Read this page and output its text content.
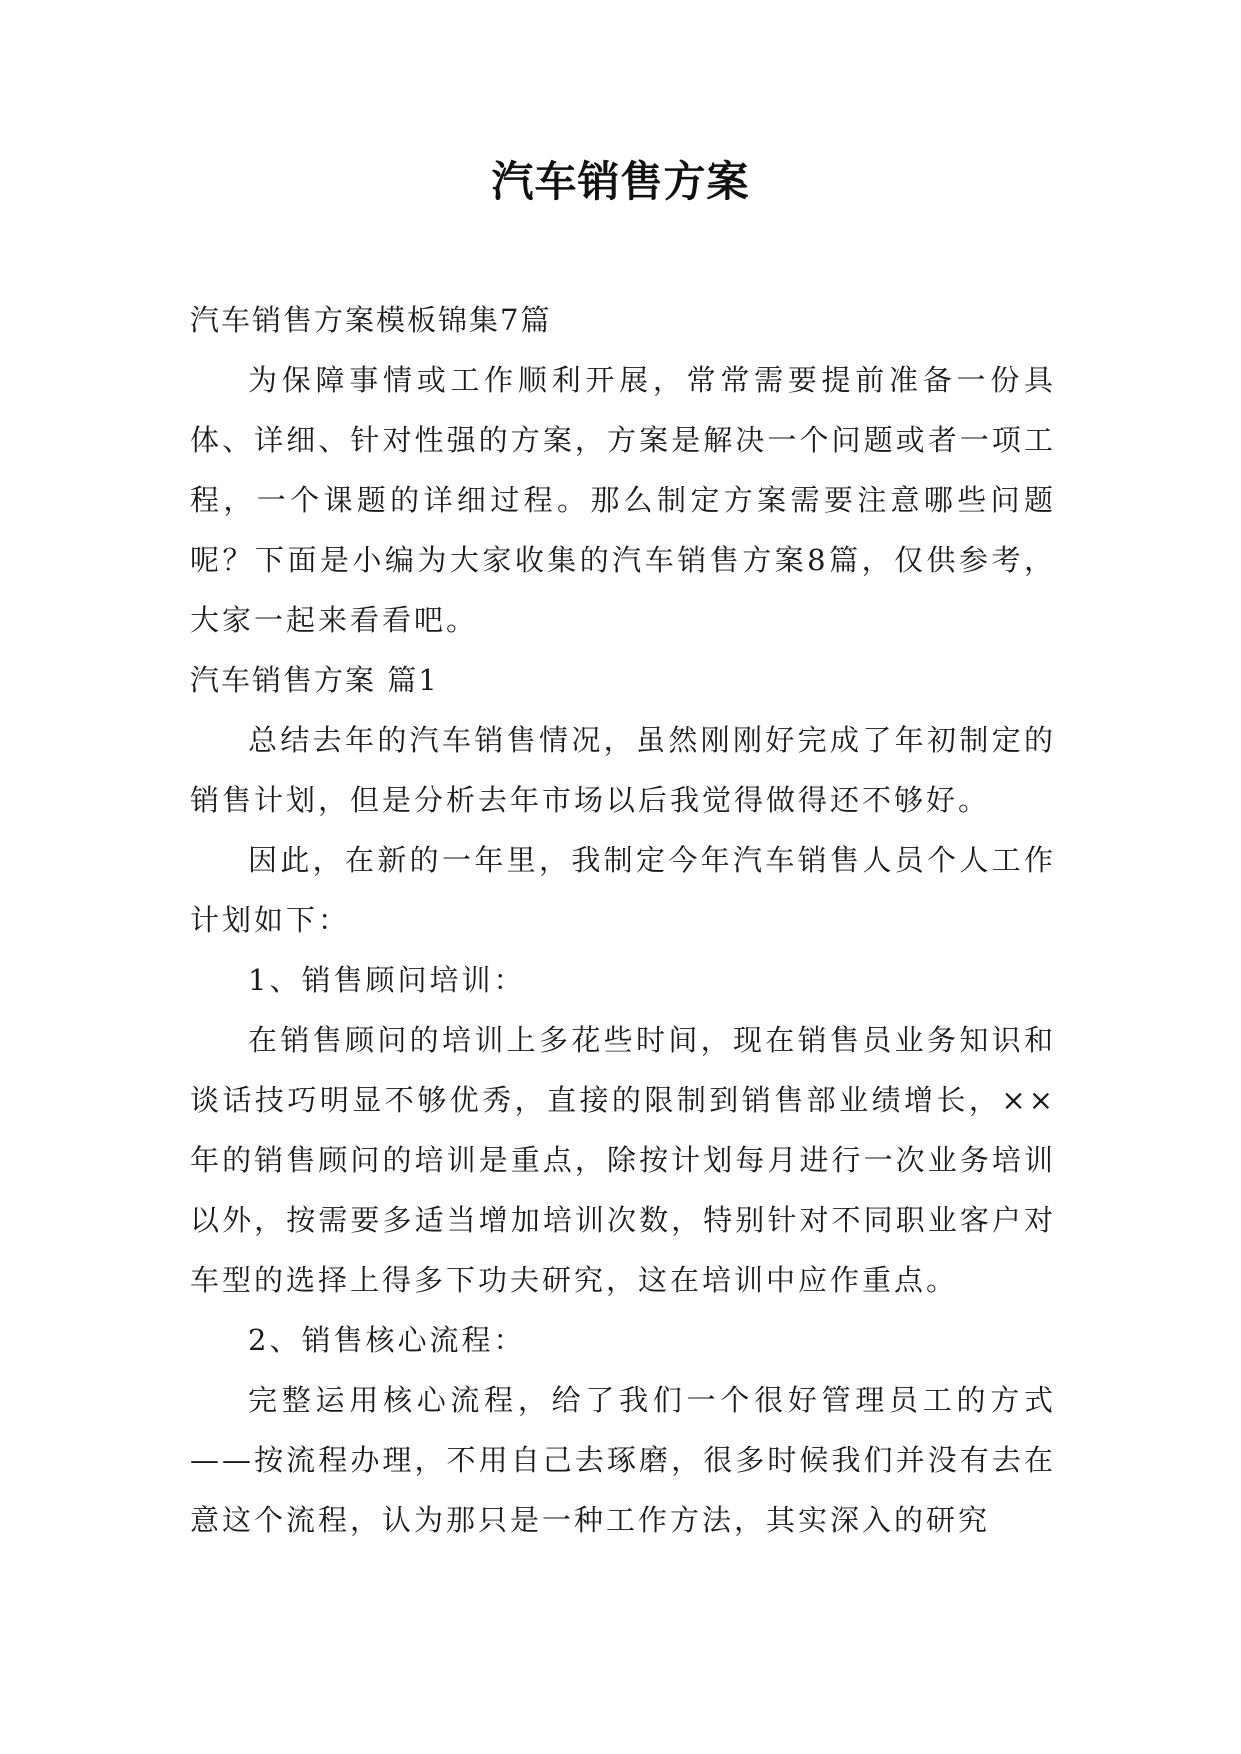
汽车销售方案

汽车销售方案模板锦集7篇

为保障事情或工作顺利开展，常常需要提前准备一份具体、详细、针对性强的方案，方案是解决一个问题或者一项工程，一个课题的详细过程。那么制定方案需要注意哪些问题呢？下面是小编为大家收集的汽车销售方案8篇，仅供参考，大家一起来看看吧。

汽车销售方案 篇1

总结去年的汽车销售情况，虽然刚刚好完成了年初制定的销售计划，但是分析去年市场以后我觉得做得还不够好。

因此，在新的一年里，我制定今年汽车销售人员个人工作计划如下：

1、销售顾问培训：

在销售顾问的培训上多花些时间，现在销售员业务知识和谈话技巧明显不够优秀，直接的限制到销售部业绩增长，××年的销售顾问的培训是重点，除按计划每月进行一次业务培训以外，按需要多适当增加培训次数，特别针对不同职业客户对车型的选择上得多下功夫研究，这在培训中应作重点。

2、销售核心流程：

完整运用核心流程，给了我们一个很好管理员工的方式——按流程办理，不用自己去琢磨，很多时候我们并没有去在意这个流程，认为那只是一种工作方法，其实深入的研究
